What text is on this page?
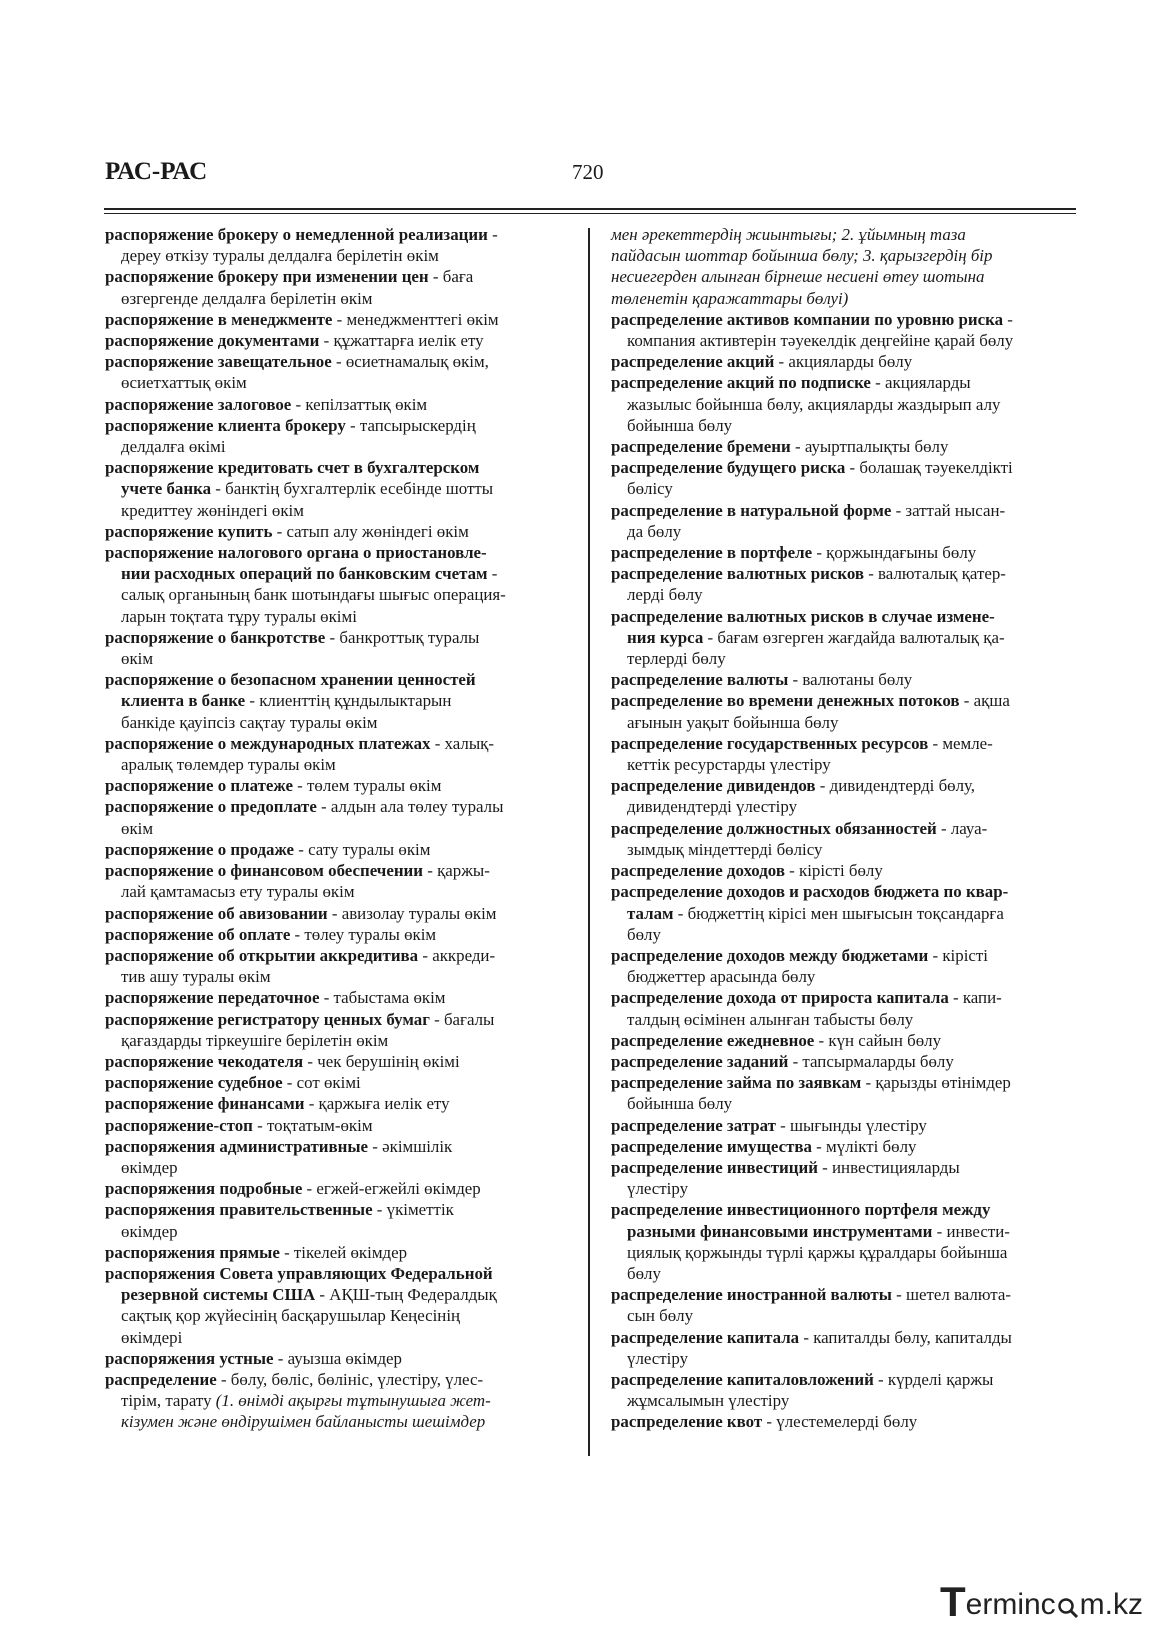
РАС-РАС	720
распоряжение брокеру о немедленной реализации -
дереу өткізу туралы делдалға берілетін өкім
распоряжение брокеру при изменении цен - баға
өзгергенде делдалға берілетін өкім
распоряжение в менеджменте - менеджменттегі өкім
распоряжение документами - құжаттарға иелік ету
распоряжение завещательное - өсиетнамалық өкім,
өсиетхаттық өкім
распоряжение залоговое - кепілзаттық өкім
распоряжение клиента брокеру - тапсырыскердің
делдалға өкімі
распоряжение кредитовать счет в бухгалтерском
учете банка - банктің бухгалтерлік есебінде шотты
кредиттеу жөніндегі өкім
распоряжение купить - сатып алу жөніндегі өкім
распоряжение налогового органа о приостановле-
нии расходных операций по банковским счетам -
салық органының банк шотындағы шығыс операция-
ларын тоқтата тұру туралы өкімі
распоряжение о банкротстве - банкроттық туралы
өкім
распоряжение о безопасном хранении ценностей
клиента в банке - клиенттің құндылыктарын
банкіде қауіпсіз сақтау туралы өкім
распоряжение о международных платежах - халық-
аралық төлемдер туралы өкім
распоряжение о платеже - төлем туралы өкім
распоряжение о предоплате - алдын ала төлеу туралы
өкім
распоряжение о продаже - сату туралы өкім
распоряжение о финансовом обеспечении - қаржы-
лай қамтамасыз ету туралы өкім
распоряжение об авизовании - авизолау туралы өкім
распоряжение об оплате - төлеу туралы өкім
распоряжение об открытии аккредитива - аккреди-
тив ашу туралы өкім
распоряжение передаточное - табыстама өкім
распоряжение регистратору ценных бумаг - бағалы
қағаздарды тіркеушіге берілетін өкім
распоряжение чекодателя - чек берушінің өкімі
распоряжение судебное - сот өкімі
распоряжение финансами - қаржыға иелік ету
распоряжение-стоп - тоқтатым-өкім
распоряжения административные - әкімшілік
өкімдер
распоряжения подробные - егжей-егжейлі өкімдер
распоряжения правительственные - үкіметтік
өкімдер
распоряжения прямые - тікелей өкімдер
распоряжения Совета управляющих Федеральной
резервной системы США - АҚШ-тың Федералдық
сақтық қор жүйесінің басқарушылар Кеңесінің
өкімдері
распоряжения устные - ауызша өкімдер
распределение - бөлу, бөліс, бөлініс, үлестіру, үлес-
тірім, тарату (1. өнімді ақырғы тұтынушыға жет-
кізумен және өндірушімен байланысты шешімдер
мен әрекеттердің жиынтығы; 2. ұйымның таза
пайдасын шоттар бойынша бөлу; 3. қарызгердің бір
несиегерден алынған бірнеше несиені өтеу шотына
төленетін қаражаттары бөлуі)
распределение активов компании по уровню риска -
компания активтерін тәуекелдік деңгейіне қарай бөлу
распределение акций - акцияларды бөлу
распределение акций по подписке - акцияларды
жазылыс бойынша бөлу, акцияларды жаздырып алу
бойынша бөлу
распределение бремени - ауыртпалықты бөлу
распределение будущего риска - болашақ тәуекелдікті
бөлісу
распределение в натуральной форме - заттай нысан-
да бөлу
распределение в портфеле - қоржындағыны бөлу
распределение валютных рисков - валюталық қатер-
лерді бөлу
распределение валютных рисков в случае измене-
ния курса - бағам өзгерген жағдайда валюталық қа-
терлерді бөлу
распределение валюты - валютаны бөлу
распределение во времени денежных потоков - ақша
ағынын уақыт бойынша бөлу
распределение государственных ресурсов - мемле-
кеттік ресурстарды үлестіру
распределение дивидендов - дивидендтерді бөлу,
дивидендтерді үлестіру
распределение должностных обязанностей - лауа-
зымдық міндеттерді бөлісу
распределение доходов - кірісті бөлу
распределение доходов и расходов бюджета по квар-
талам - бюджеттің кірісі мен шығысын тоқсандарға
бөлу
распределение доходов между бюджетами - кірісті
бюджеттер арасында бөлу
распределение дохода от прироста капитала - капи-
талдың өсімінен алынған табысты бөлу
распределение ежедневное - күн сайын бөлу
распределение заданий - тапсырмаларды бөлу
распределение займа по заявкам - қарызды өтінімдер
бойынша бөлу
распределение затрат - шығынды үлестіру
распределение имущества - мүлікті бөлу
распределение инвестиций - инвестицияларды
үлестіру
распределение инвестиционного портфеля между
разными финансовыми инструментами - инвести-
циялық қоржынды түрлі қаржы құралдары бойынша
бөлу
распределение иностранной валюты - шетел валюта-
сын бөлу
распределение капитала - капиталды бөлу, капиталды
үлестіру
распределение капиталовложений - күрделі қаржы
жұмсалымын үлестіру
распределение квот - үлестемелерді бөлу
T erminc m.kz
